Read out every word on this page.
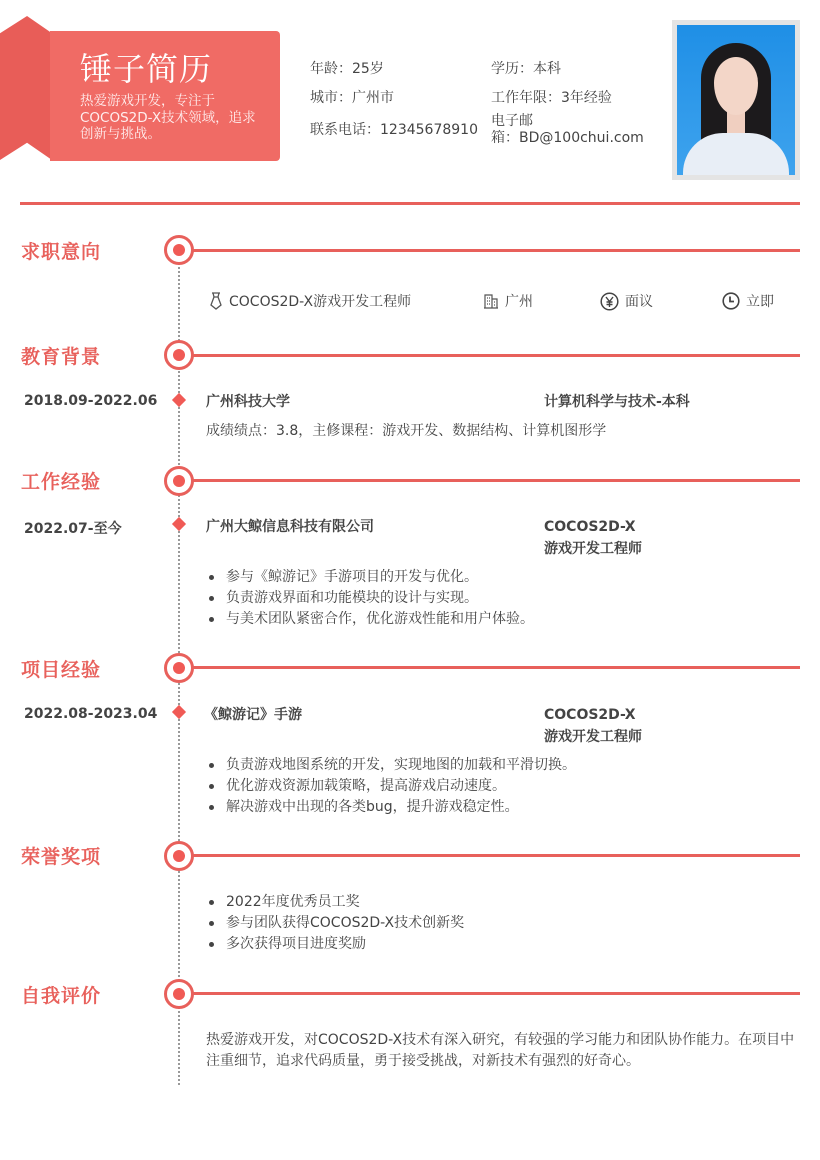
锤子简历
热爱游戏开发，专注于COCOS2D-X技术领域，追求创新与挑战。
年龄：25岁
城市：广州市
联系电话：12345678910
学历：本科
工作年限：3年经验
电子邮
箱：BD@100chui.com
求职意向
COCOS2D-X游戏开发工程师	广州	面议	立即
教育背景
2018.09-2022.06	广州科技大学	计算机科学与技术-本科
成绩绩点：3.8，主修课程：游戏开发、数据结构、计算机图形学
工作经验
2022.07-至今	广州大鲸信息科技有限公司	COCOS2D-X
游戏开发工程师
参与《鲸游记》手游项目的开发与优化。
负责游戏界面和功能模块的设计与实现。
与美术团队紧密合作，优化游戏性能和用户体验。
项目经验
2022.08-2023.04	《鲸游记》手游	COCOS2D-X
游戏开发工程师
负责游戏地图系统的开发，实现地图的加载和平滑切换。
优化游戏资源加载策略，提高游戏启动速度。
解决游戏中出现的各类bug，提升游戏稳定性。
荣誉奖项
2022年度优秀员工奖
参与团队获得COCOS2D-X技术创新奖
多次获得项目进度奖励
自我评价
热爱游戏开发，对COCOS2D-X技术有深入研究，有较强的学习能力和团队协作能力。在项目中注重细节，追求代码质量，勇于接受挑战，对新技术有强烈的好奇心。
